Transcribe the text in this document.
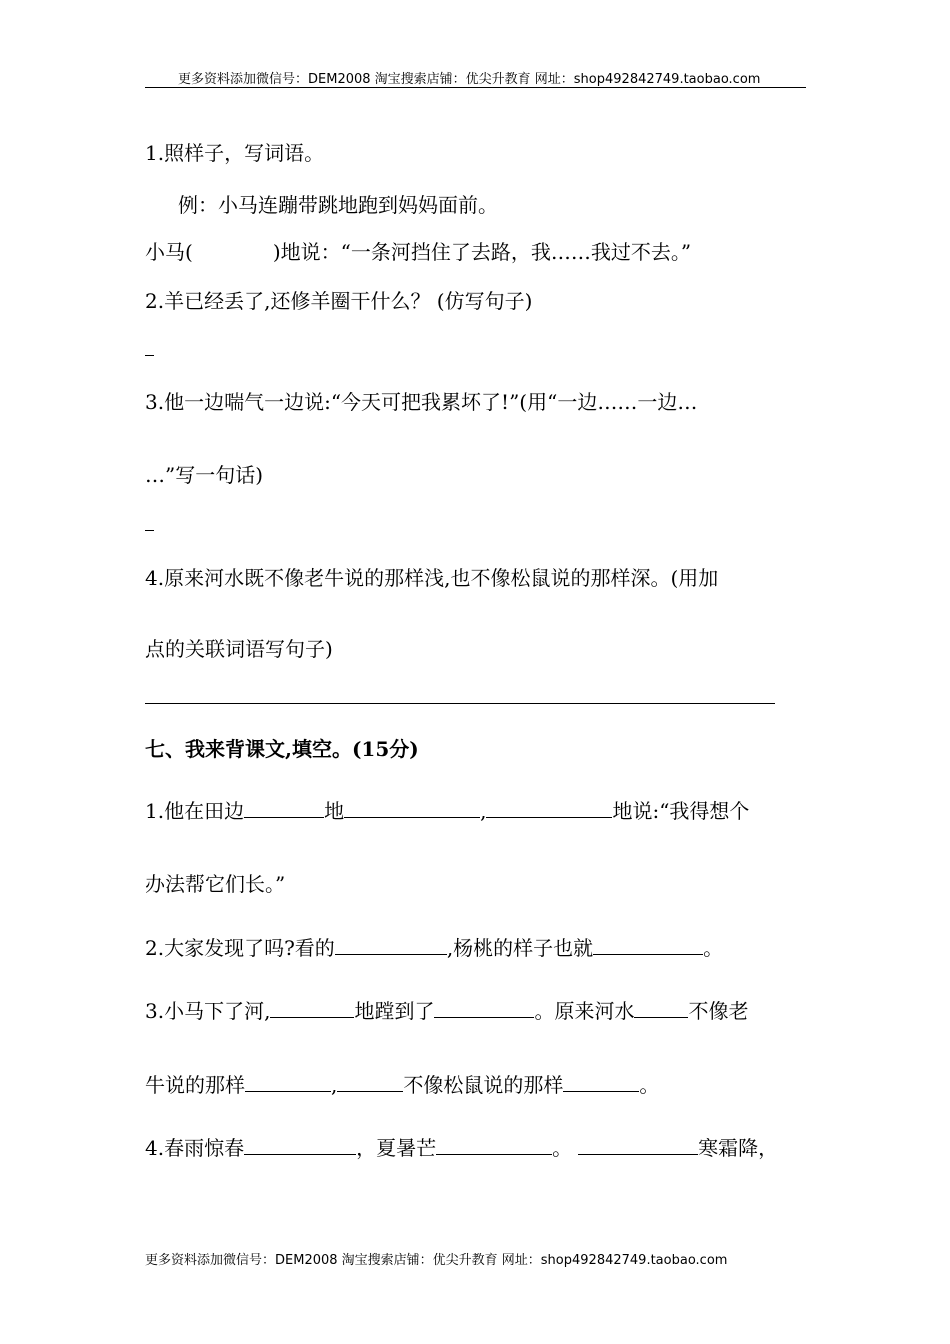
更多资料添加微信号：DEM2008 淘宝搜索店铺：优尖升教育 网址：shop492842749.taobao.com
1.照样子，写词语。
例：小马连蹦带跳地跑到妈妈面前。
小马(	)地说：“一条河挡住了去路，我……我过不去。”
2.羊已经丢了,还修羊圈干什么？ (仿写句子)
3.他一边喘气一边说:“今天可把我累坏了!”(用“一边……一边…
…”写一句话)
4.原来河水既不像老牛说的那样浅,也不像松鼠说的那样深。(用加
点的关联词语写句子)
七、我来背课文,填空。(15分)
1.他在田边	地	,	地说:“我得想个
办法帮它们长。”
2.大家发现了吗?看的	,杨桃的样子也就	。
3.小马下了河,	地蹚到了	。原来河水	不像老
牛说的那样	,	不像松鼠说的那样	。
4.春雨惊春	，夏暑芒	。	寒霜降，
更多资料添加微信号：DEM2008 淘宝搜索店铺：优尖升教育 网址：shop492842749.taobao.com
